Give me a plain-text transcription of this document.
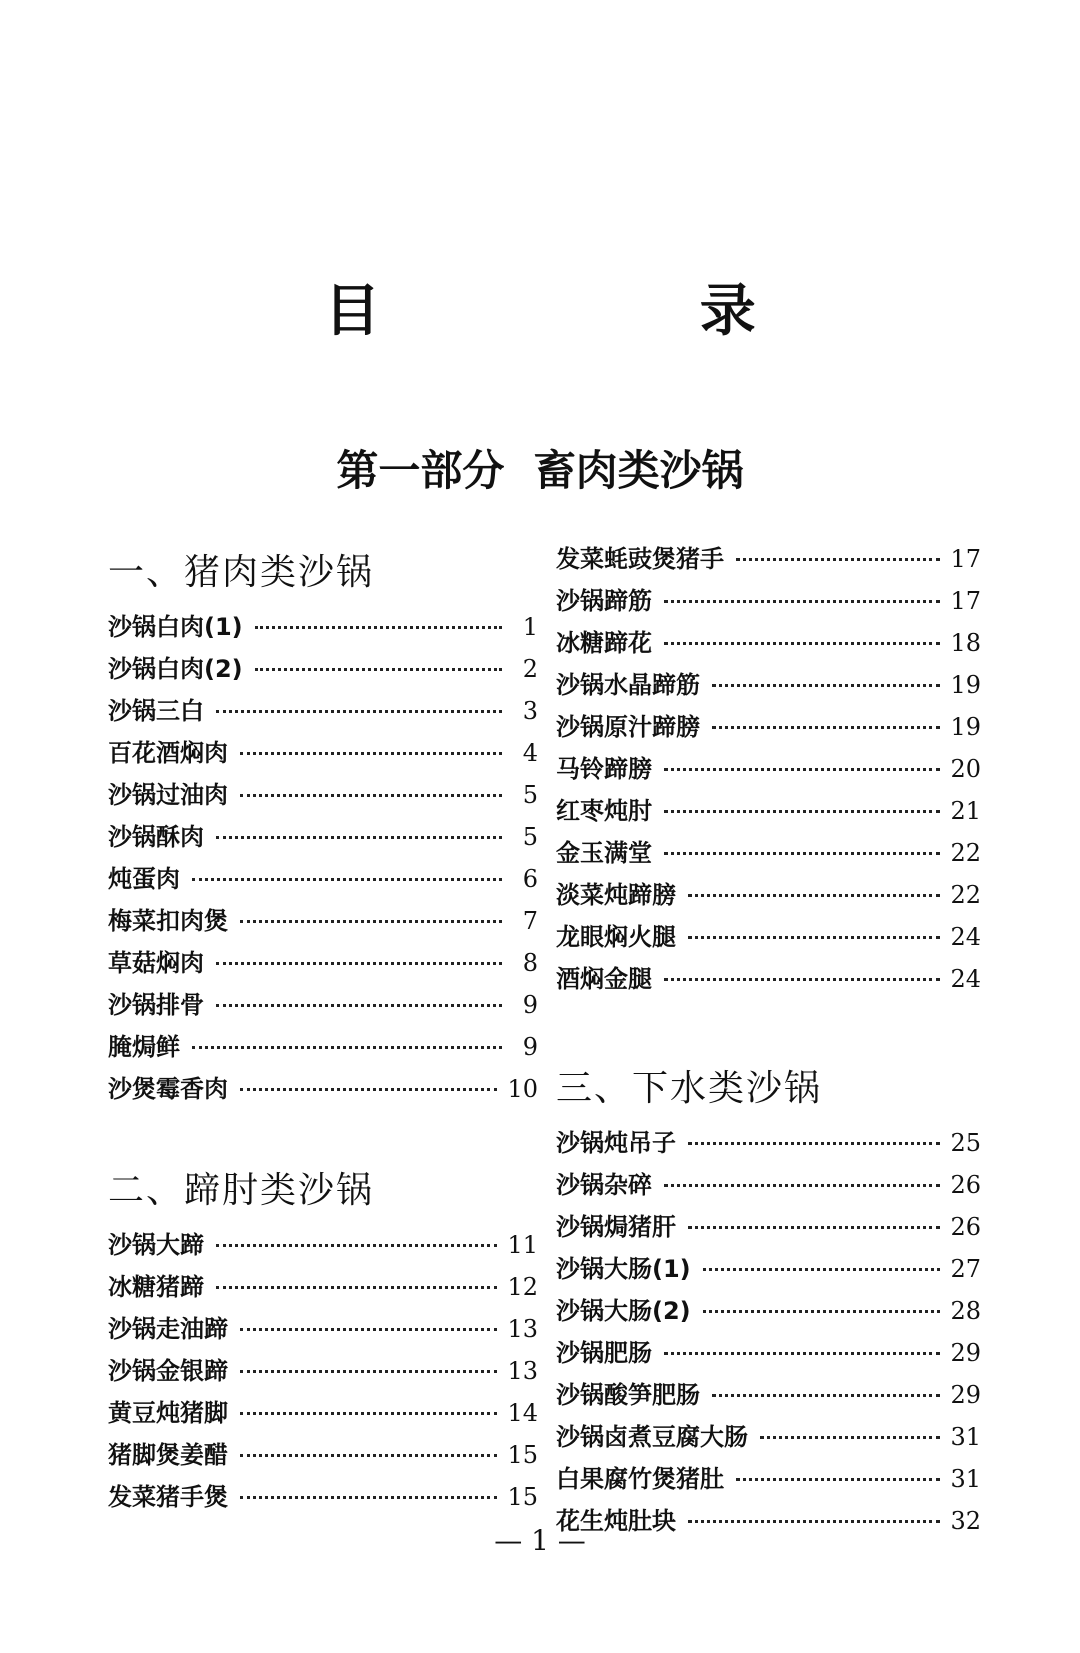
目 录
第一部分  畜肉类沙锅
一、猪肉类沙锅
沙锅白肉(1)	1
沙锅白肉(2)	2
沙锅三白	3
百花酒焖肉	4
沙锅过油肉	5
沙锅酥肉	5
炖蛋肉	6
梅菜扣肉煲	7
草菇焖肉	8
沙锅排骨	9
腌焗鲜	9
沙煲霉香肉	10
二、蹄肘类沙锅
沙锅大蹄	11
冰糖猪蹄	12
沙锅走油蹄	13
沙锅金银蹄	13
黄豆炖猪脚	14
猪脚煲姜醋	15
发菜猪手煲	15
发菜蚝豉煲猪手	17
沙锅蹄筋	17
冰糖蹄花	18
沙锅水晶蹄筋	19
沙锅原汁蹄膀	19
马铃蹄膀	20
红枣炖肘	21
金玉满堂	22
淡菜炖蹄膀	22
龙眼焖火腿	24
酒焖金腿	24
三、下水类沙锅
沙锅炖吊子	25
沙锅杂碎	26
沙锅焗猪肝	26
沙锅大肠(1)	27
沙锅大肠(2)	28
沙锅肥肠	29
沙锅酸笋肥肠	29
沙锅卤煮豆腐大肠	31
白果腐竹煲猪肚	31
花生炖肚块	32
— 1 —
